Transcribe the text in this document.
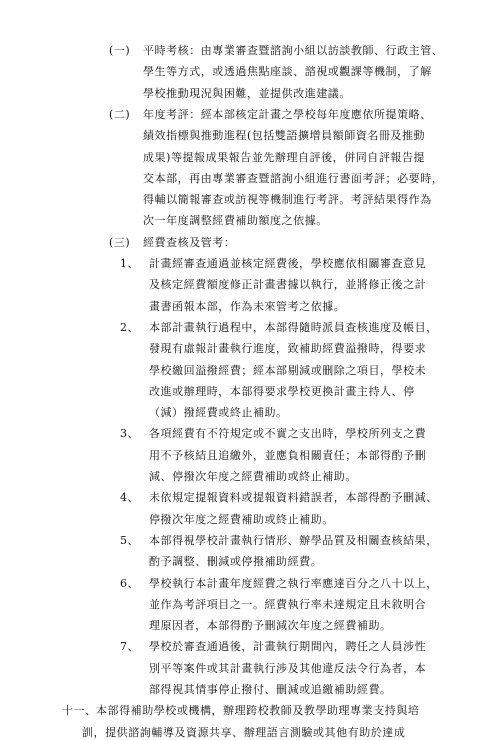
(一) 平時考核：由專業審查暨諮詢小組以訪談教師、行政主管、
學生等方式，或透過焦點座談、諮視或觀課等機制，了解
學校推動現況與困難，並提供改進建議。
(二) 年度考評：經本部核定計畫之學校每年度應依所提策略、
績效指標與推動進程(包括雙語擴增員額師資名冊及推動
成果)等提報成果報告並先辦理自評後，併同自評報告提
交本部，再由專業審查暨諮詢小組進行書面考評；必要時，
得輔以簡報審查或訪視等機制進行考評。考評結果得作為
次一年度調整經費補助額度之依據。
(三) 經費查核及管考：
1、 計畫經審查通過並核定經費後，學校應依相關審查意見
及核定經費額度修正計畫書據以執行，並將修正後之計
畫書函報本部，作為未來管考之依據。
2、 本部計畫執行過程中，本部得隨時派員查核進度及帳目，
發現有虛報計畫執行進度，致補助經費溢撥時，得要求
學校繳回溢撥經費；經本部剔減或刪除之項目，學校未
改進或辦理時，本部得要求學校更換計畫主持人、停
（減）撥經費或終止補助。
3、 各項經費有不符規定或不實之支出時，學校所列支之費
用不予核結且追繳外，並應負相關責任；本部得酌予刪
減、停撥次年度之經費補助或終止補助。
4、 未依規定提報資料或提報資料錯誤者，本部得酌予刪減、
停撥次年度之經費補助或終止補助。
5、 本部得視學校計畫執行情形、辦學品質及相關查核結果，
酌予調整、刪減或停撥補助經費。
6、 學校執行本計畫年度經費之執行率應達百分之八十以上，
並作為考評項目之一。經費執行率未達規定且未敘明合
理原因者，本部得酌予刪減次年度之經費補助。
7、 學校於審查通過後，計畫執行期間內，聘任之人員涉性
別平等案件或其計畫執行涉及其他違反法令行為者，本
部得視其情事停止撥付、刪減或追繳補助經費。
十一、 本部得補助學校或機構，辦理跨校教師及教學助理專業支持與培
訓，提供諮詢輔導及資源共享、辦理語言測驗或其他有助於達成
